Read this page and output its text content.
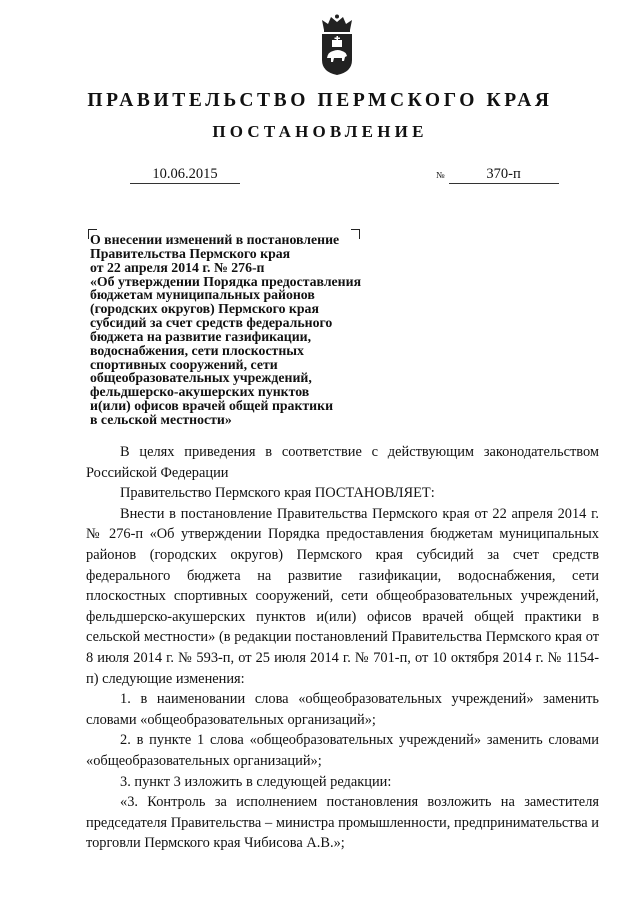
ПРАВИТЕЛЬСТВО ПЕРМСКОГО КРАЯ
ПОСТАНОВЛЕНИЕ
10.06.2015	№	370-п
О внесении изменений в постановление
Правительства Пермского края
от 22 апреля 2014 г. № 276-п
«Об утверждении Порядка предоставления
бюджетам муниципальных районов
(городских округов) Пермского края
субсидий за счет средств федерального
бюджета на развитие газификации,
водоснабжения, сети плоскостных
спортивных сооружений, сети
общеобразовательных учреждений,
фельдшерско-акушерских пунктов
и(или) офисов врачей общей практики
в сельской местности»

В целях приведения в соответствие с действующим законодательством Российской Федерации

Правительство Пермского края ПОСТАНОВЛЯЕТ:

Внести в постановление Правительства Пермского края от 22 апреля 2014 г. № 276-п «Об утверждении Порядка предоставления бюджетам муниципальных районов (городских округов) Пермского края субсидий за счет средств федерального бюджета на развитие газификации, водоснабжения, сети плоскостных спортивных сооружений, сети общеобразовательных учреждений, фельдшерско-акушерских пунктов и(или) офисов врачей общей практики в сельской местности» (в редакции постановлений Правительства Пермского края от 8 июля 2014 г. № 593-п, от 25 июля 2014 г. № 701-п, от 10 октября 2014 г. № 1154-п) следующие изменения:

1. в наименовании слова «общеобразовательных учреждений» заменить словами «общеобразовательных организаций»;

2. в пункте 1 слова «общеобразовательных учреждений» заменить словами «общеобразовательных организаций»;

3. пункт 3 изложить в следующей редакции:

«3. Контроль за исполнением постановления возложить на заместителя председателя Правительства – министра промышленности, предпринимательства и торговли Пермского края Чибисова А.В.»;
